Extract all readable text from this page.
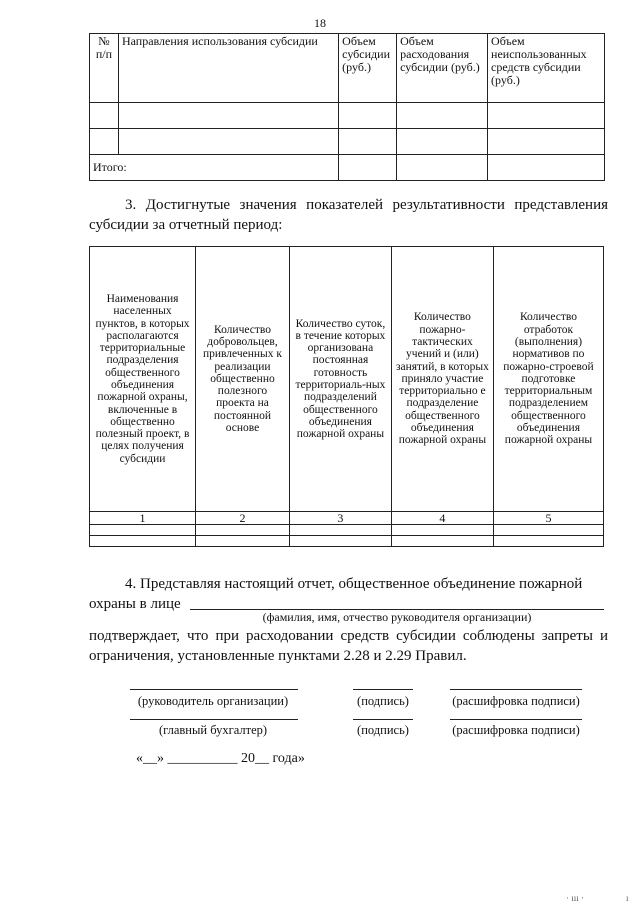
18
№ п/п	Направления использования субсидии	Объем субсидии (руб.)	Объем расходования субсидии (руб.)	Объем неиспользованных средств субсидии (руб.)

Итого:				
3. Достигнутые значения показателей результативности представления субсидии за отчетный период:
Наименования населенных пунктов, в которых располагаются территориальные подразделения общественного объединения пожарной охраны, включенные в общественно полезный проект, в целях получения субсидии	Количество добровольцев, привлеченных к реализации общественно полезного проекта на постоянной основе	Количество суток, в течение которых организована постоянная готовность территориаль-ных подразделений общественного объединения пожарной охраны	Количество пожарно-тактических учений и (или) занятий, в которых приняло участие территориально е подразделение общественного объединения пожарной охраны	Количество отработок (выполнения) нормативов по пожарно-строевой подготовке территориальным подразделением общественного объединения пожарной охраны
1	2	3	4	5

4. Представляя настоящий отчет, общественное объединение пожарной
охраны в лице
(фамилия, имя, отчество руководителя организации)
подтверждает, что при расходовании средств субсидии соблюдены запреты и ограничения, установленные пунктами 2.28 и 2.29 Правил.
(руководитель организации)	(подпись)	(расшифровка подписи)
(главный бухгалтер)	(подпись)	(расшифровка подписи)
«__» __________ 20__ года»
· ııı ·	ı
